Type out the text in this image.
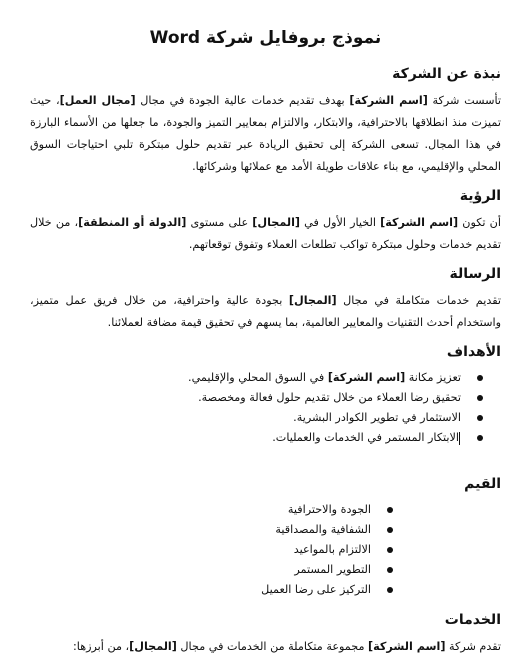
نموذج بروفايل شركة Word
نبذة عن الشركة

تأسست شركة [اسم الشركة] بهدف تقديم خدمات عالية الجودة في مجال [مجال العمل]، حيث تميزت منذ انطلاقها بالاحترافية، والابتكار، والالتزام بمعايير التميز والجودة، ما جعلها من الأسماء البارزة في هذا المجال. تسعى الشركة إلى تحقيق الريادة عبر تقديم حلول مبتكرة تلبي احتياجات السوق المحلي والإقليمي، مع بناء علاقات طويلة الأمد مع عملائها وشركائها.

الرؤية

أن تكون [اسم الشركة] الخيار الأول في [المجال] على مستوى [الدولة أو المنطقة]، من خلال تقديم خدمات وحلول مبتكرة تواكب تطلعات العملاء وتفوق توقعاتهم.

الرسالة

تقديم خدمات متكاملة في مجال [المجال] بجودة عالية واحترافية، من خلال فريق عمل متميز، واستخدام أحدث التقنيات والمعايير العالمية، بما يسهم في تحقيق قيمة مضافة لعملائنا.

الأهداف
تعزيز مكانة [اسم الشركة] في السوق المحلي والإقليمي.
تحقيق رضا العملاء من خلال تقديم حلول فعالة ومخصصة.
الاستثمار في تطوير الكوادر البشرية.
الابتكار المستمر في الخدمات والعمليات.
القيم
الجودة والاحترافية
الشفافية والمصداقية
الالتزام بالمواعيد
التطوير المستمر
التركيز على رضا العميل
الخدمات

تقدم شركة [اسم الشركة] مجموعة متكاملة من الخدمات في مجال [المجال]، من أبرزها:
